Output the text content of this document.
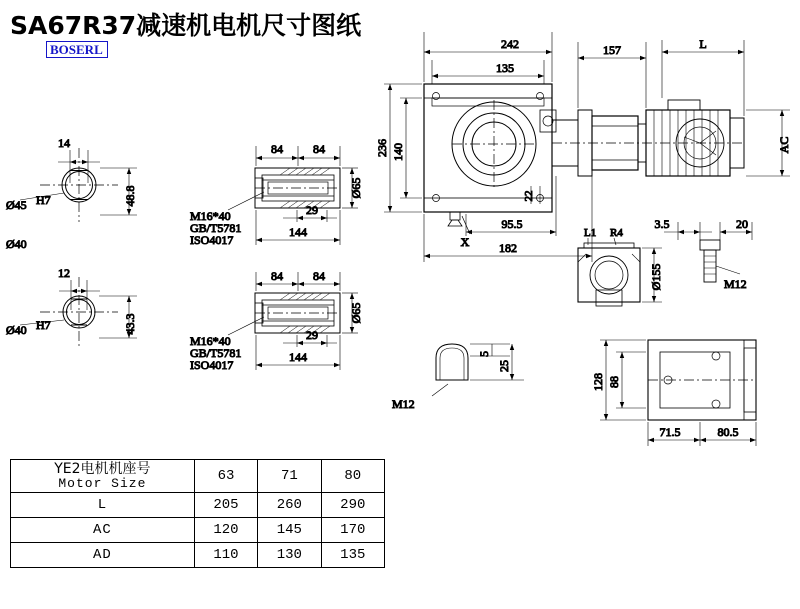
SA67R37减速机电机尺寸图纸
BOSERL
14
Ø45 H7	48.8
Ø40
12
Ø40 H7	43.3
84	84
29
144
Ø65
M16*40
GB/T5781
ISO4017
84	84
29
144
Ø65
M16*40
GB/T5781
ISO4017
242
135
157	L
AC
236 140
22
X
95.5
182
Ø155
L1 R4
3.5	20
M12
128 88
71.5	80.5
5
25
M12
YE2电机机座号
Motor Size	63	71	80
L	205	260	290
AC	120	145	170
AD	110	130	135
